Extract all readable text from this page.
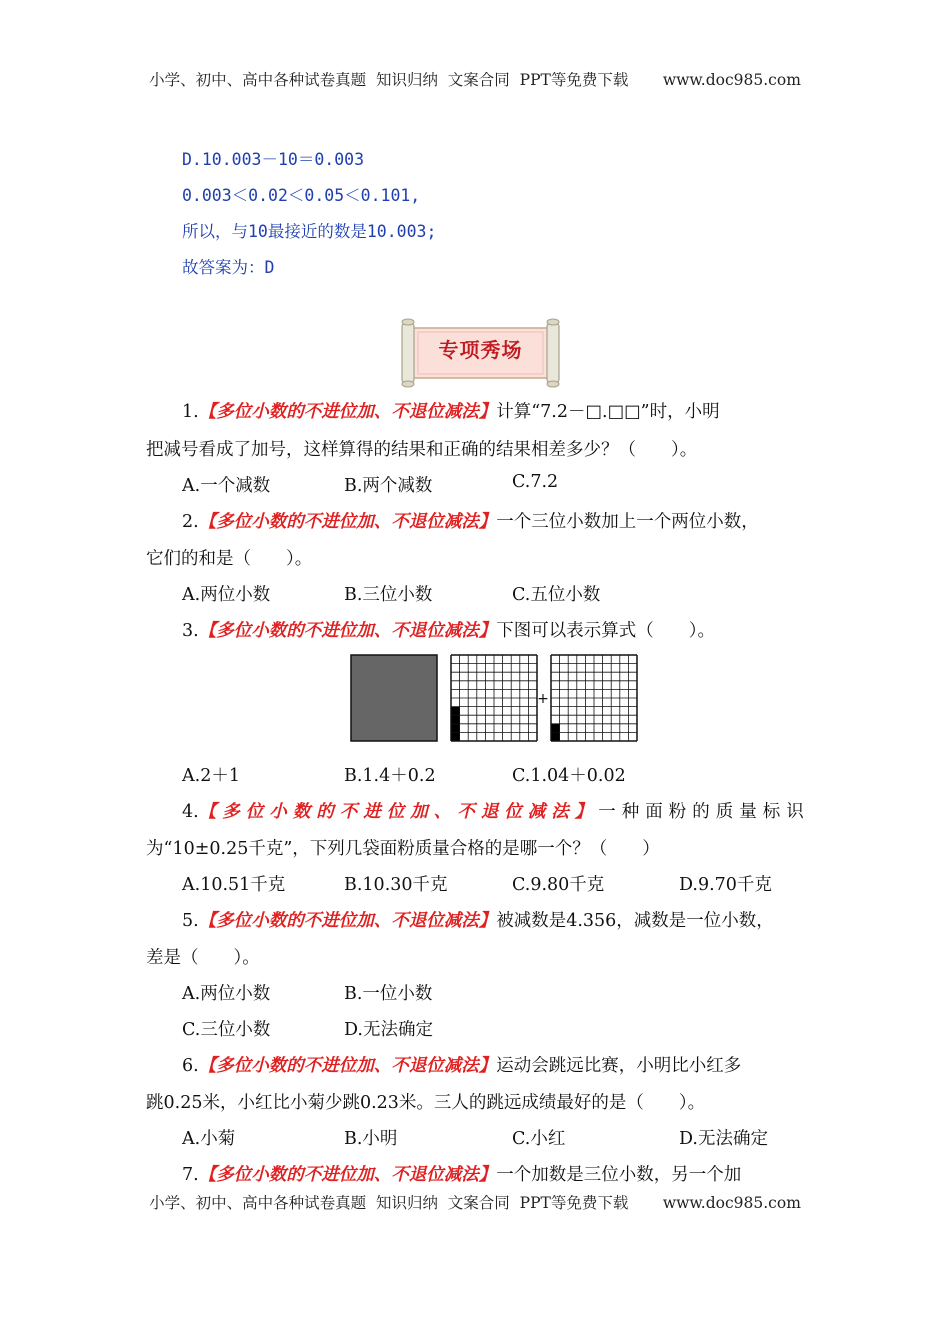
小学、初中、高中各种试卷真题  知识归纳  文案合同  PPT等免费下载       www.doc985.com
D.10.003－10＝0.003
0.003＜0.02＜0.05＜0.101,
所以，与10最接近的数是10.003;
故答案为：D
专项秀场
1.【多位小数的不进位加、不退位减法】计算“7.2－□.□□”时，小明
把减号看成了加号，这样算得的结果和正确的结果相差多少？（　　）。
A.一个减数	B.两个减数	C.7.2
2.【多位小数的不进位加、不退位减法】一个三位小数加上一个两位小数，
它们的和是（　　）。
A.两位小数	B.三位小数	C.五位小数
3.【多位小数的不进位加、不退位减法】下图可以表示算式（　　）。
+
A.2＋1	B.1.4＋0.2	C.1.04＋0.02
4.【多位小数的不进位加、不退位减法】一种面粉的质量标识
为“10±0.25千克”，下列几袋面粉质量合格的是哪一个？（　　）
A.10.51千克	B.10.30千克	C.9.80千克	D.9.70千克
5.【多位小数的不进位加、不退位减法】被减数是4.356，减数是一位小数，
差是（　　）。
A.两位小数	B.一位小数
C.三位小数	D.无法确定
6.【多位小数的不进位加、不退位减法】运动会跳远比赛，小明比小红多
跳0.25米，小红比小菊少跳0.23米。三人的跳远成绩最好的是（　　）。
A.小菊	B.小明	C.小红	D.无法确定
7.【多位小数的不进位加、不退位减法】一个加数是三位小数，另一个加
小学、初中、高中各种试卷真题  知识归纳  文案合同  PPT等免费下载       www.doc985.com
